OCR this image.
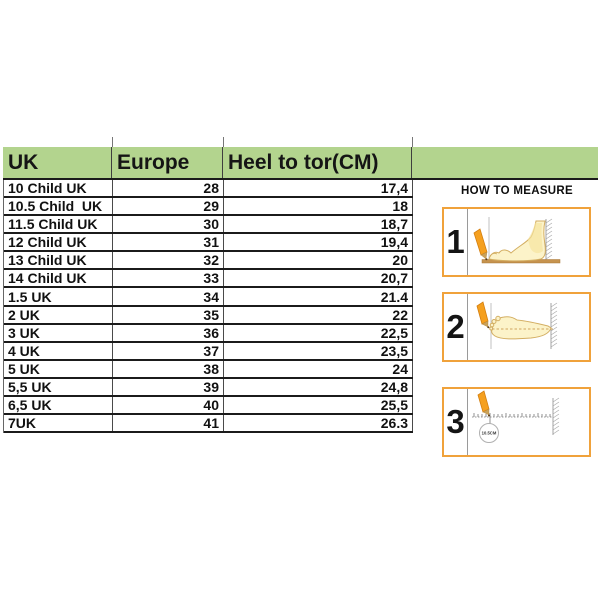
UK	Europe	Heel to tor(CM)
10 Child UK	28	17,4
10.5 Child  UK	29	18
11.5 Child UK	30	18,7
12 Child UK	31	19,4
13 Child UK	32	20
14 Child UK	33	20,7
1.5 UK	34	21.4
2 UK	35	22
3 UK	36	22,5
4 UK	37	23,5
5 UK	38	24
5,5 UK	39	24,8
6,5 UK	40	25,5
7UK	41	26.3
HOW TO MEASURE
1
2
3	10.5CM
